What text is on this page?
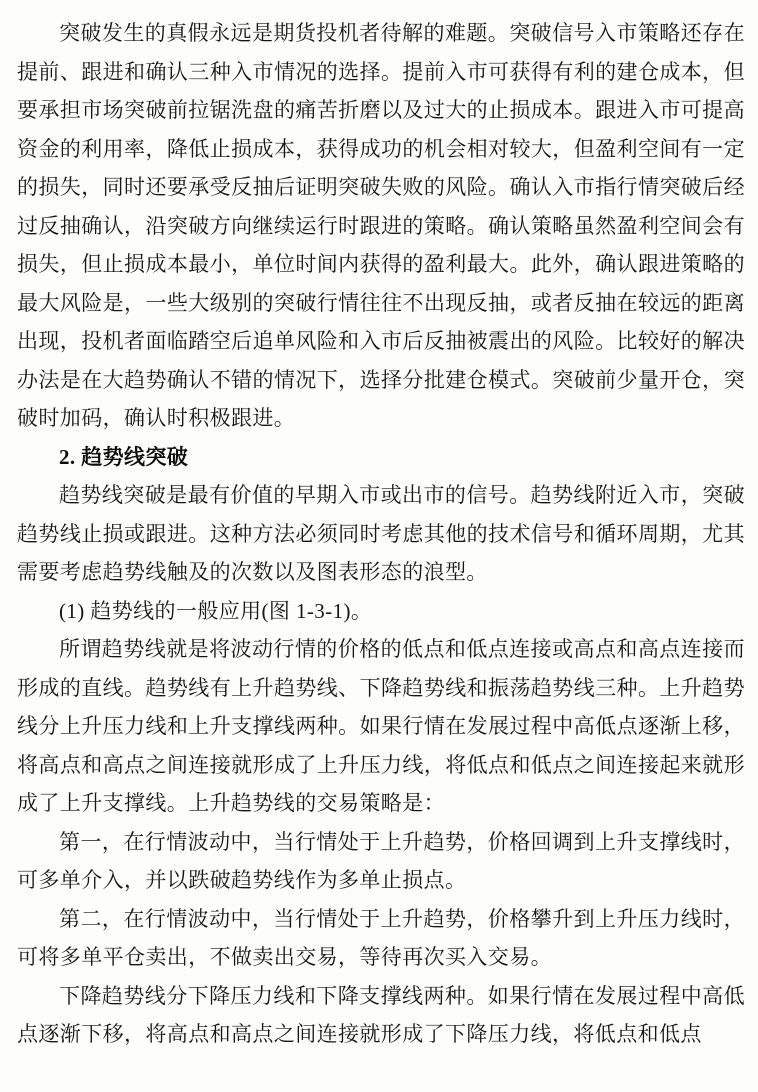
突破发生的真假永远是期货投机者待解的难题。突破信号入市策略还存在提前、跟进和确认三种入市情况的选择。提前入市可获得有利的建仓成本，但要承担市场突破前拉锯洗盘的痛苦折磨以及过大的止损成本。跟进入市可提高资金的利用率，降低止损成本，获得成功的机会相对较大，但盈利空间有一定的损失，同时还要承受反抽后证明突破失败的风险。确认入市指行情突破后经过反抽确认，沿突破方向继续运行时跟进的策略。确认策略虽然盈利空间会有损失，但止损成本最小，单位时间内获得的盈利最大。此外，确认跟进策略的最大风险是，一些大级别的突破行情往往不出现反抽，或者反抽在较远的距离出现，投机者面临踏空后追单风险和入市后反抽被震出的风险。比较好的解决办法是在大趋势确认不错的情况下，选择分批建仓模式。突破前少量开仓，突破时加码，确认时积极跟进。

2. 趋势线突破

趋势线突破是最有价值的早期入市或出市的信号。趋势线附近入市，突破趋势线止损或跟进。这种方法必须同时考虑其他的技术信号和循环周期，尤其需要考虑趋势线触及的次数以及图表形态的浪型。

(1) 趋势线的一般应用(图 1-3-1)。

所谓趋势线就是将波动行情的价格的低点和低点连接或高点和高点连接而形成的直线。趋势线有上升趋势线、下降趋势线和振荡趋势线三种。上升趋势线分上升压力线和上升支撑线两种。如果行情在发展过程中高低点逐渐上移，将高点和高点之间连接就形成了上升压力线，将低点和低点之间连接起来就形成了上升支撑线。上升趋势线的交易策略是：

第一，在行情波动中，当行情处于上升趋势，价格回调到上升支撑线时，可多单介入，并以跌破趋势线作为多单止损点。

第二，在行情波动中，当行情处于上升趋势，价格攀升到上升压力线时，可将多单平仓卖出，不做卖出交易，等待再次买入交易。

下降趋势线分下降压力线和下降支撑线两种。如果行情在发展过程中高低点逐渐下移，将高点和高点之间连接就形成了下降压力线，将低点和低点
